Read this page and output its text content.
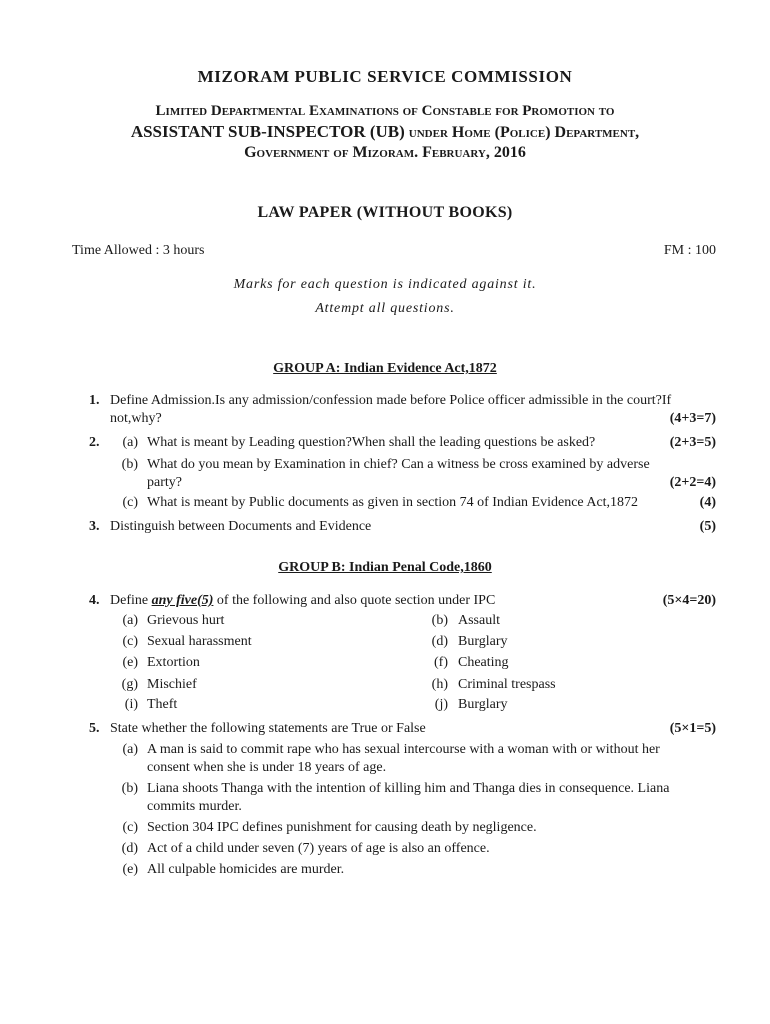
MIZORAM PUBLIC SERVICE COMMISSION
Limited Departmental Examinations of Constable for Promotion to
ASSISTANT SUB-INSPECTOR (UB) under Home (Police) Department,
Government of Mizoram. February, 2016
LAW PAPER (WITHOUT BOOKS)
Time Allowed : 3 hours	FM : 100
Marks for each question is indicated against it.
Attempt all questions.
GROUP A: Indian Evidence Act,1872
1. Define Admission.Is any admission/confession made before Police officer admissible in the court?If
not,why?	(4+3=7)
2.	(a) What is meant by Leading question?When shall the leading questions be asked?	(2+3=5)
(b) What do you mean by Examination in chief? Can a witness be cross examined by adverse
party?	(2+2=4)
(c) What is meant by Public documents as given in section 74 of Indian Evidence Act,1872	(4)
3. Distinguish between Documents and Evidence	(5)
GROUP B: Indian Penal Code,1860
4. Define any five(5) of the following and also quote section under IPC	(5×4=20)
(a) Grievous hurt	(b) Assault
(c) Sexual harassment	(d) Burglary
(e) Extortion	(f) Cheating
(g) Mischief	(h) Criminal trespass
(i) Theft	(j) Burglary
5. State whether the following statements are True or False	(5×1=5)
(a) A man is said to commit rape who has sexual intercourse with a woman with or without her
consent when she is under 18 years of age.
(b) Liana shoots Thanga with the intention of killing him and Thanga dies in consequence. Liana
commits murder.
(c) Section 304 IPC defines punishment for causing death by negligence.
(d) Act of a child under seven (7) years of age is also an offence.
(e) All culpable homicides are murder.
